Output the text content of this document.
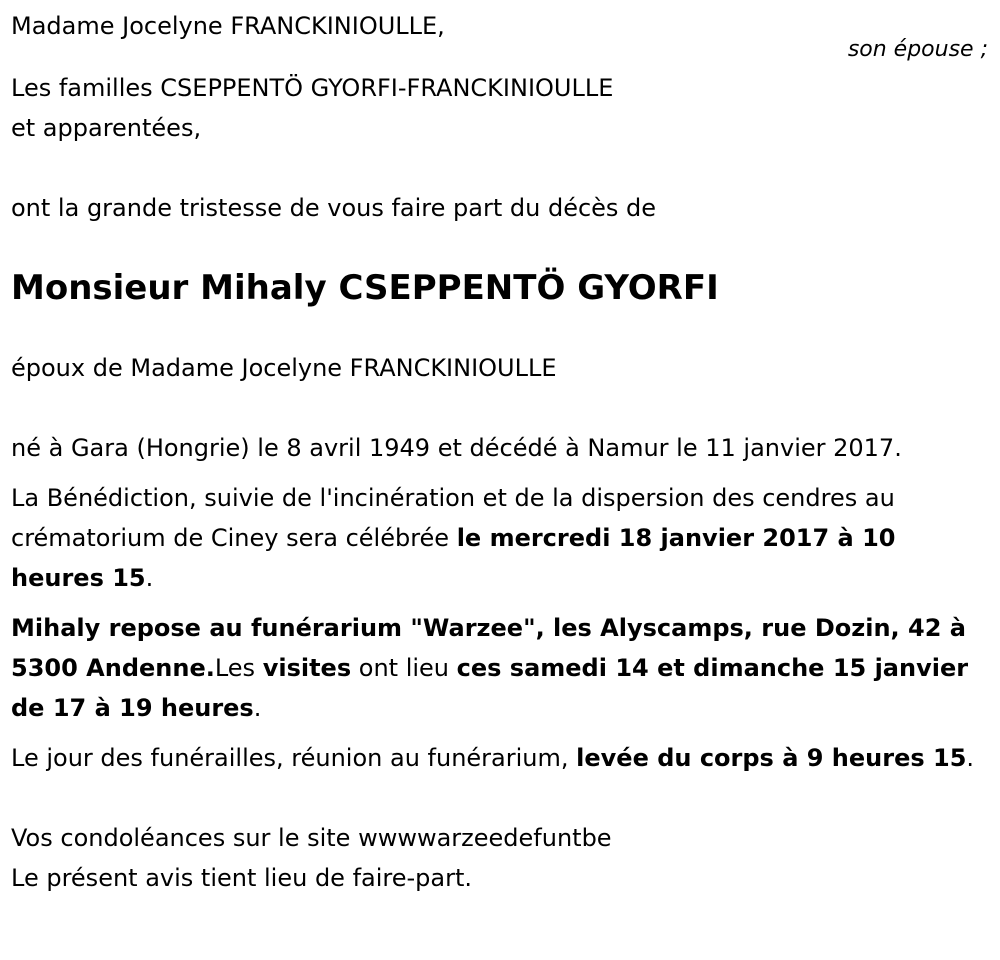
son épouse ;
Madame Jocelyne FRANCKINIOULLE,
Les familles CSEPPENTÖ GYORFI-FRANCKINIOULLE
et apparentées,
ont la grande tristesse de vous faire part du décès de
Monsieur Mihaly CSEPPENTÖ GYORFI
époux de Madame Jocelyne FRANCKINIOULLE
né à Gara (Hongrie) le 8 avril 1949 et décédé à Namur le 11 janvier 2017.
La Bénédiction, suivie de l'incinération et de la dispersion des cendres au crématorium de Ciney sera célébrée le mercredi 18 janvier 2017 à 10 heures 15.
Mihaly repose au funérarium "Warzee", les Alyscamps, rue Dozin, 42 à 5300 Andenne.Les visites ont lieu ces samedi 14 et dimanche 15 janvier de 17 à 19 heures.
Le jour des funérailles, réunion au funérarium, levée du corps à 9 heures 15.
Vos condoléances sur le site wwwwarzeedefuntbe
Le présent avis tient lieu de faire-part.
